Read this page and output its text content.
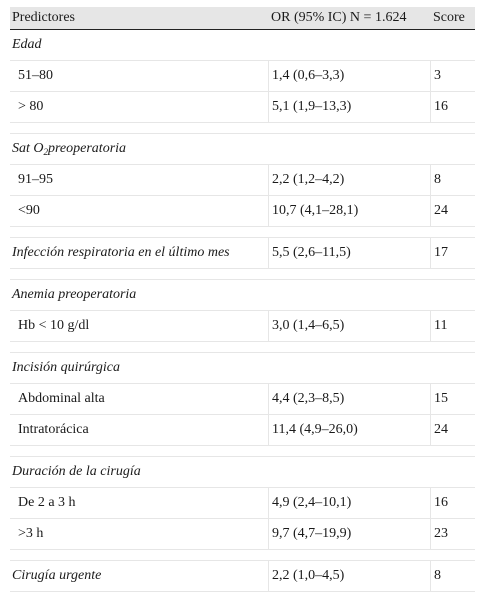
Predictores	OR (95% IC) N = 1.624	Score
Edad
51–80	1,4 (0,6–3,3)	3
> 80	5,1 (1,9–13,3)	16
Sat $O_2$ preoperatoria
91–95	2,2 (1,2–4,2)	8
<90	10,7 (4,1–28,1)	24
Infección respiratoria en el último mes	5,5 (2,6–11,5)	17
Anemia preoperatoria
Hb < 10 g/dl	3,0 (1,4–6,5)	11
Incisión quirúrgica
Abdominal alta	4,4 (2,3–8,5)	15
Intratorácica	11,4 (4,9–26,0)	24
Duración de la cirugía
De 2 a 3 h	4,9 (2,4–10,1)	16
>3 h	9,7 (4,7–19,9)	23
Cirugía urgente	2,2 (1,0–4,5)	8
